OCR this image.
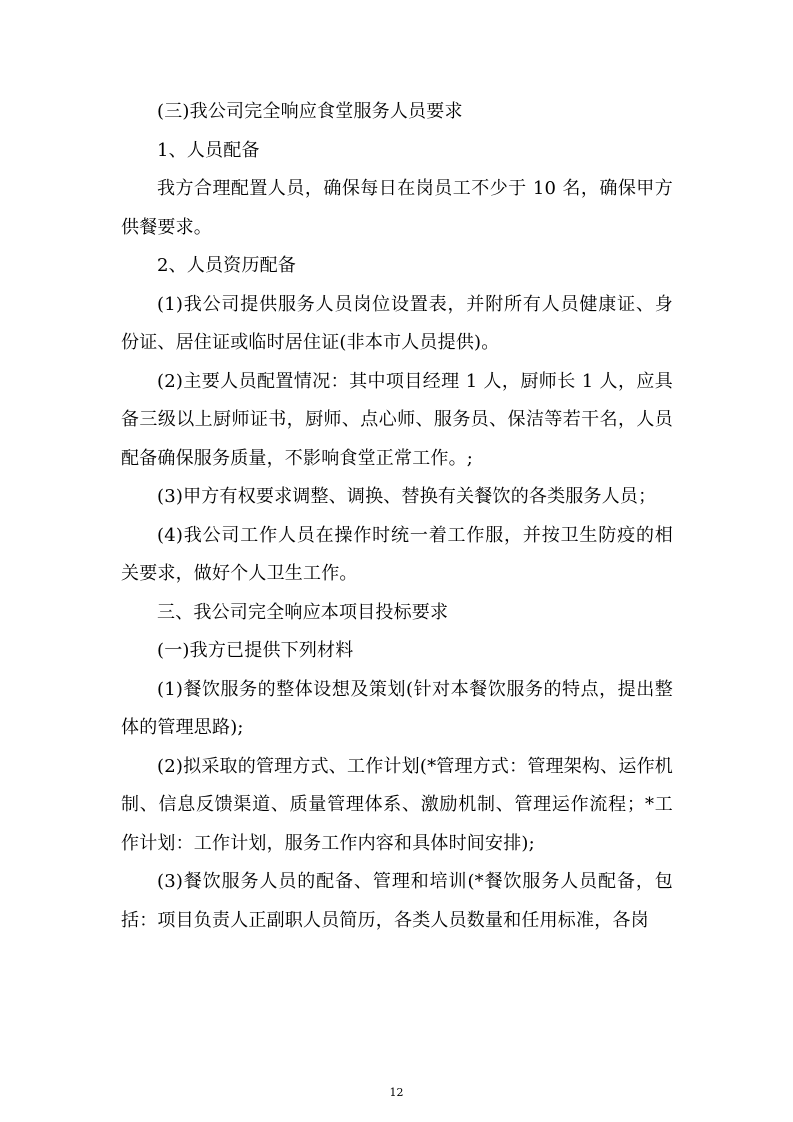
(三)我公司完全响应食堂服务人员要求

1、人员配备

我方合理配置人员，确保每日在岗员工不少于 10 名，确保甲方供餐要求。

2、人员资历配备

(1)我公司提供服务人员岗位设置表，并附所有人员健康证、身份证、居住证或临时居住证(非本市人员提供)。

(2)主要人员配置情况：其中项目经理 1 人，厨师长 1 人，应具备三级以上厨师证书，厨师、点心师、服务员、保洁等若干名，人员配备确保服务质量，不影响食堂正常工作。;

(3)甲方有权要求调整、调换、替换有关餐饮的各类服务人员；

(4)我公司工作人员在操作时统一着工作服，并按卫生防疫的相关要求，做好个人卫生工作。

三、我公司完全响应本项目投标要求

(一)我方已提供下列材料

(1)餐饮服务的整体设想及策划(针对本餐饮服务的特点，提出整体的管理思路);

(2)拟采取的管理方式、工作计划(*管理方式：管理架构、运作机制、信息反馈渠道、质量管理体系、激励机制、管理运作流程；*工作计划：工作计划，服务工作内容和具体时间安排);

(3)餐饮服务人员的配备、管理和培训(*餐饮服务人员配备，包括：项目负责人正副职人员简历，各类人员数量和任用标准，各岗

12
